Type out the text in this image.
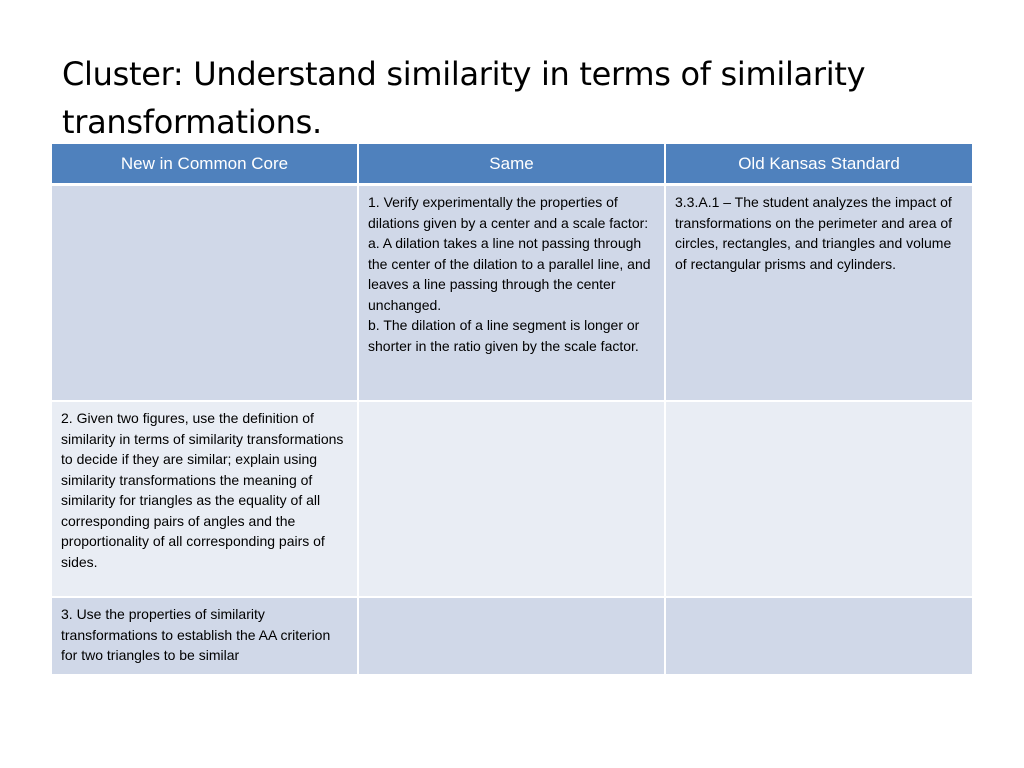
Cluster: Understand similarity in terms of similarity transformations.
New in Common Core	Same	Old Kansas Standard
	1. Verify experimentally the properties of dilations given by a center and a scale factor:
a. A dilation takes a line not passing through the center of the dilation to a parallel line, and leaves a line passing through the center unchanged.
b. The dilation of a line segment is longer or shorter in the ratio given by the scale factor.	3.3.A.1 – The student analyzes the impact of transformations on the perimeter and area of circles, rectangles, and triangles and volume of rectangular prisms and cylinders.
2. Given two figures, use the definition of similarity in terms of similarity transformations to decide if they are similar; explain using similarity transformations the meaning of similarity for triangles as the equality of all corresponding pairs of angles and the proportionality of all corresponding pairs of sides.		
3. Use the properties of similarity transformations to establish the AA criterion for two triangles to be similar		
